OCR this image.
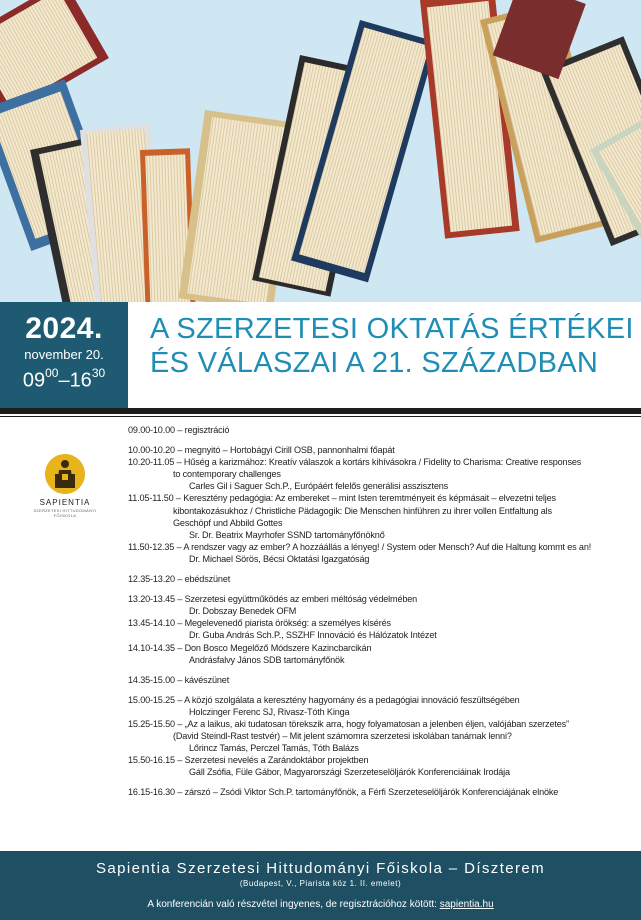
2024.
november 20.
$09^{00}-16^{30}$
A SZERZETESI OKTATÁS ÉRTÉKEI
ÉS VÁLASZAI A 21. SZÁZADBAN
SAPIENTIA
SZERZETESI HITTUDOMÁNYI FŐISKOLA
09.00-10.00 – regisztráció
10.00-10.20 – megnyitó – Hortobágyi Cirill OSB, pannonhalmi főapát
10.20-11.05 – Hűség a karizmához: Kreatív válaszok a kortárs kihívásokra / Fidelity to Charisma: Creative responses
to contemporary challenges
Carles Gil i Saguer Sch.P., Európáért felelős generálisi asszisztens
11.05-11.50 – Keresztény pedagógia: Az embereket – mint Isten teremtményeit és képmásait – elvezetni teljes
kibontakozásukhoz / Christliche Pädagogik: Die Menschen hinführen zu ihrer vollen Entfaltung als
Geschöpf und Abbild Gottes
Sr. Dr. Beatrix Mayrhofer SSND tartományfőnöknő
11.50-12.35 – A rendszer vagy az ember? A hozzáállás a lényeg! / System oder Mensch? Auf die Haltung kommt es an!
Dr. Michael Sörös, Bécsi Oktatási Igazgatóság
12.35-13.20 – ebédszünet
13.20-13.45 – Szerzetesi együttműködés az emberi méltóság védelmében
Dr. Dobszay Benedek OFM
13.45-14.10 – Megelevenedő piarista örökség: a személyes kísérés
Dr. Guba András Sch.P., SSZHF Innováció és Hálózatok Intézet
14.10-14.35 – Don Bosco Megelőző Módszere Kazincbarcikán
Andrásfalvy János SDB tartományfőnök
14.35-15.00 – kávészünet
15.00-15.25 – A közjó szolgálata a keresztény hagyomány és a pedagógiai innováció feszültségében
Holczinger Ferenc SJ, Rivasz-Tóth Kinga
15.25-15.50 – „Az a laikus, aki tudatosan törekszik arra, hogy folyamatosan a jelenben éljen, valójában szerzetes”
(David Steindl-Rast testvér) – Mit jelent számomra szerzetesi iskolában tanárnak lenni?
Lőrincz Tamás, Perczel Tamás, Tóth Balázs
15.50-16.15 – Szerzetesi nevelés a Zarándoktábor projektben
Gáll Zsófia, Füle Gábor, Magyarországi Szerzeteselöljárók Konferenciáinak Irodája
16.15-16.30 – zárszó – Zsódi Viktor Sch.P. tartományfőnök, a Férfi Szerzeteselöljárók Konferenciájának elnöke
Sapientia Szerzetesi Hittudományi Főiskola – Díszterem
(Budapest, V., Piarista köz 1. II. emelet)
A konferencián való részvétel ingyenes, de regisztrációhoz kötött: sapientia.hu
